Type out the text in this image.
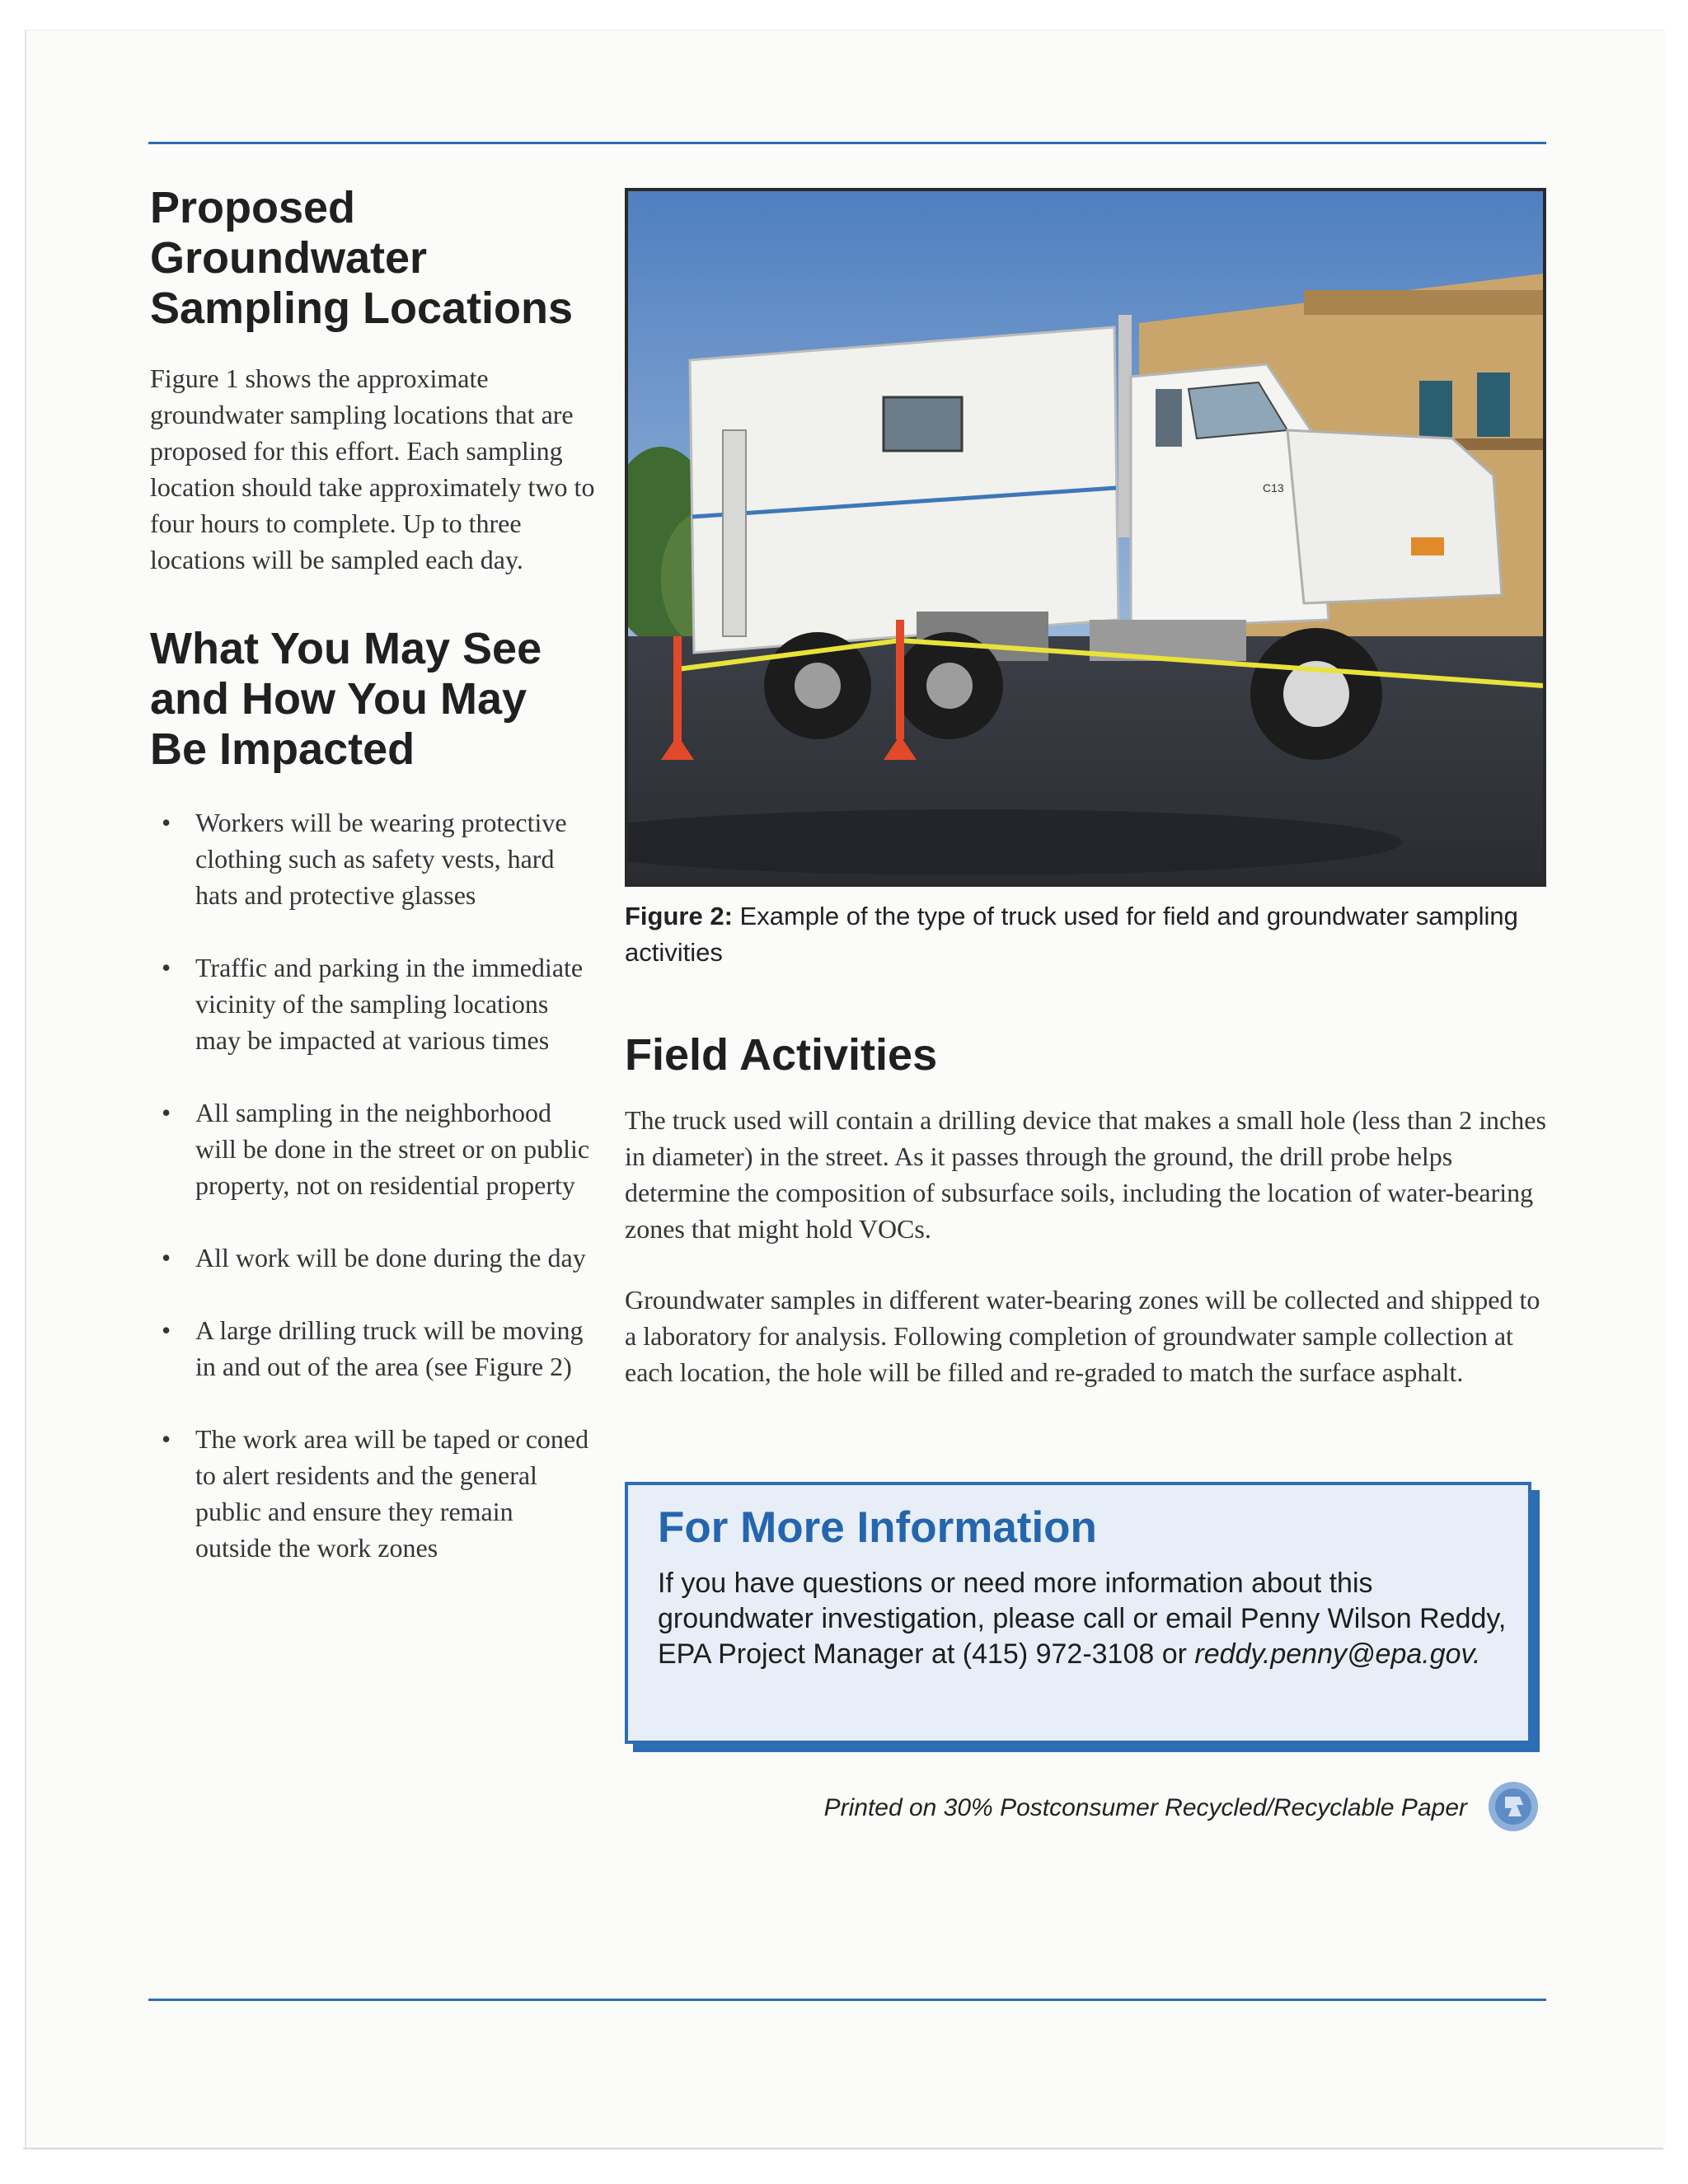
Proposed
Groundwater
Sampling Locations

Figure 1 shows the approximate groundwater sampling locations that are proposed for this effort. Each sampling location should take approximately two to four hours to complete. Up to three locations will be sampled each day.

What You May See
and How You May
Be Impacted
• Workers will be wearing protective clothing such as safety vests, hard hats and protective glasses
• Traffic and parking in the immediate vicinity of the sampling locations may be impacted at various times
• All sampling in the neighborhood will be done in the street or on public property, not on residential property
• All work will be done during the day
• A large drilling truck will be moving in and out of the area (see Figure 2)
• The work area will be taped or coned to alert residents and the general public and ensure they remain outside the work zones
C13
Figure 2: Example of the type of truck used for field and groundwater sampling activities
Field Activities

The truck used will contain a drilling device that makes a small hole (less than 2 inches in diameter) in the street. As it passes through the ground, the drill probe helps determine the composition of subsurface soils, including the location of water-bearing zones that might hold VOCs.

Groundwater samples in different water-bearing zones will be collected and shipped to a laboratory for analysis. Following completion of groundwater sample collection at each location, the hole will be filled and re-graded to match the surface asphalt.

For More Information

If you have questions or need more information about this groundwater investigation, please call or email Penny Wilson Reddy, EPA Project Manager at (415) 972-3108 or reddy.penny@epa.gov.

Printed on 30% Postconsumer Recycled/Recyclable Paper
